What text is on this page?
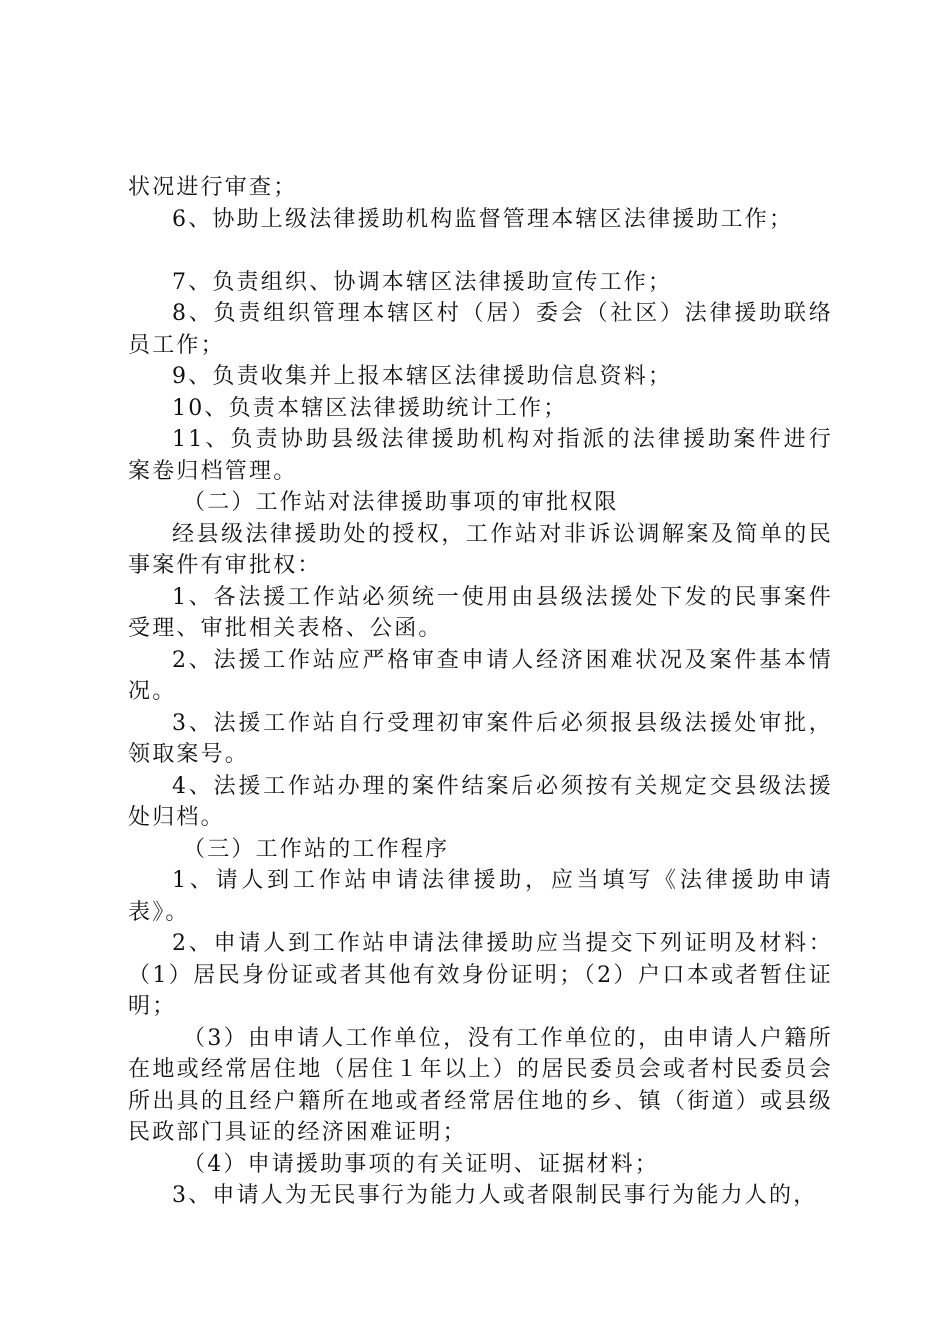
状况进行审查；

6、协助上级法律援助机构监督管理本辖区法律援助工作；

7、负责组织、协调本辖区法律援助宣传工作；

8、负责组织管理本辖区村（居）委会（社区）法律援助联络员工作；

9、负责收集并上报本辖区法律援助信息资料；

10、负责本辖区法律援助统计工作；

11、负责协助县级法律援助机构对指派的法律援助案件进行案卷归档管理。

（二）工作站对法律援助事项的审批权限

经县级法律援助处的授权，工作站对非诉讼调解案及简单的民事案件有审批权：

1、各法援工作站必须统一使用由县级法援处下发的民事案件受理、审批相关表格、公函。

2、法援工作站应严格审查申请人经济困难状况及案件基本情况。

3、法援工作站自行受理初审案件后必须报县级法援处审批，领取案号。

4、法援工作站办理的案件结案后必须按有关规定交县级法援处归档。

（三）工作站的工作程序

1、请人到工作站申请法律援助，应当填写《法律援助申请表》。

2、申请人到工作站申请法律援助应当提交下列证明及材料：（1）居民身份证或者其他有效身份证明；（2）户口本或者暂住证明；

（3）由申请人工作单位，没有工作单位的，由申请人户籍所在地或经常居住地（居住１年以上）的居民委员会或者村民委员会所出具的且经户籍所在地或者经常居住地的乡、镇（街道）或县级民政部门具证的经济困难证明；

（4）申请援助事项的有关证明、证据材料；

3、申请人为无民事行为能力人或者限制民事行为能力人的，
